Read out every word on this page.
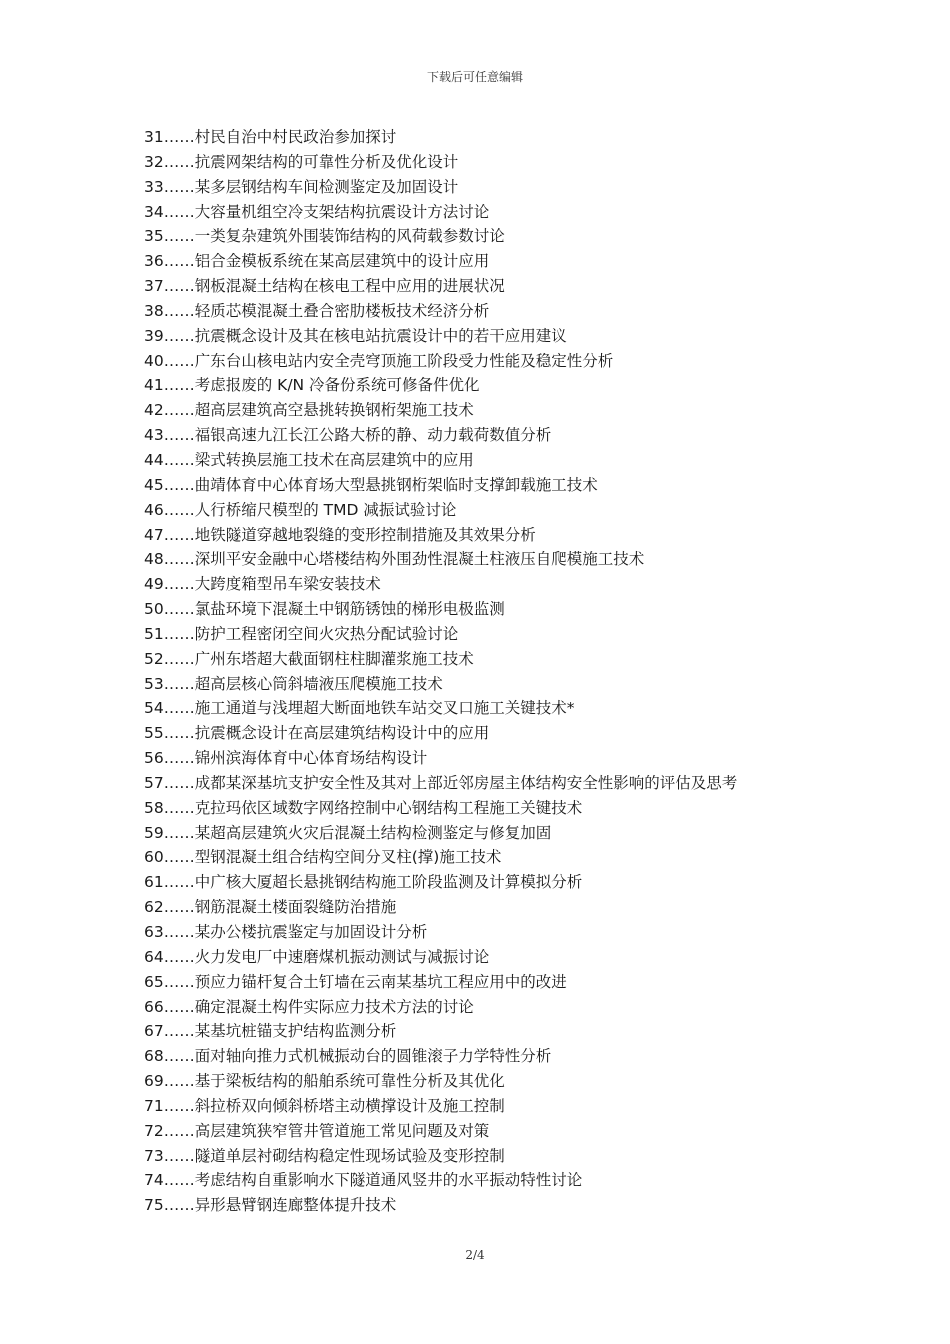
下载后可任意编辑
31……村民自治中村民政治参加探讨
32……抗震网架结构的可靠性分析及优化设计
33……某多层钢结构车间检测鉴定及加固设计
34……大容量机组空冷支架结构抗震设计方法讨论
35……一类复杂建筑外围装饰结构的风荷载参数讨论
36……铝合金模板系统在某高层建筑中的设计应用
37……钢板混凝土结构在核电工程中应用的进展状况
38……轻质芯模混凝土叠合密肋楼板技术经济分析
39……抗震概念设计及其在核电站抗震设计中的若干应用建议
40……广东台山核电站内安全壳穹顶施工阶段受力性能及稳定性分析
41……考虑报废的 K/N 冷备份系统可修备件优化
42……超高层建筑高空悬挑转换钢桁架施工技术
43……福银高速九江长江公路大桥的静、动力载荷数值分析
44……梁式转换层施工技术在高层建筑中的应用
45……曲靖体育中心体育场大型悬挑钢桁架临时支撑卸载施工技术
46……人行桥缩尺模型的 TMD 减振试验讨论
47……地铁隧道穿越地裂缝的变形控制措施及其效果分析
48……深圳平安金融中心塔楼结构外围劲性混凝土柱液压自爬模施工技术
49……大跨度箱型吊车梁安装技术
50……氯盐环境下混凝土中钢筋锈蚀的梯形电极监测
51……防护工程密闭空间火灾热分配试验讨论
52……广州东塔超大截面钢柱柱脚灌浆施工技术
53……超高层核心筒斜墙液压爬模施工技术
54……施工通道与浅埋超大断面地铁车站交叉口施工关键技术*
55……抗震概念设计在高层建筑结构设计中的应用
56……锦州滨海体育中心体育场结构设计
57……成都某深基坑支护安全性及其对上部近邻房屋主体结构安全性影响的评估及思考
58……克拉玛依区域数字网络控制中心钢结构工程施工关键技术
59……某超高层建筑火灾后混凝土结构检测鉴定与修复加固
60……型钢混凝土组合结构空间分叉柱(撑)施工技术
61……中广核大厦超长悬挑钢结构施工阶段监测及计算模拟分析
62……钢筋混凝土楼面裂缝防治措施
63……某办公楼抗震鉴定与加固设计分析
64……火力发电厂中速磨煤机振动测试与减振讨论
65……预应力锚杆复合土钉墙在云南某基坑工程应用中的改进
66……确定混凝土构件实际应力技术方法的讨论
67……某基坑桩锚支护结构监测分析
68……面对轴向推力式机械振动台的圆锥滚子力学特性分析
69……基于梁板结构的船舶系统可靠性分析及其优化
71……斜拉桥双向倾斜桥塔主动横撑设计及施工控制
72……高层建筑狭窄管井管道施工常见问题及对策
73……隧道单层衬砌结构稳定性现场试验及变形控制
74……考虑结构自重影响水下隧道通风竖井的水平振动特性讨论
75……异形悬臂钢连廊整体提升技术
2/4
